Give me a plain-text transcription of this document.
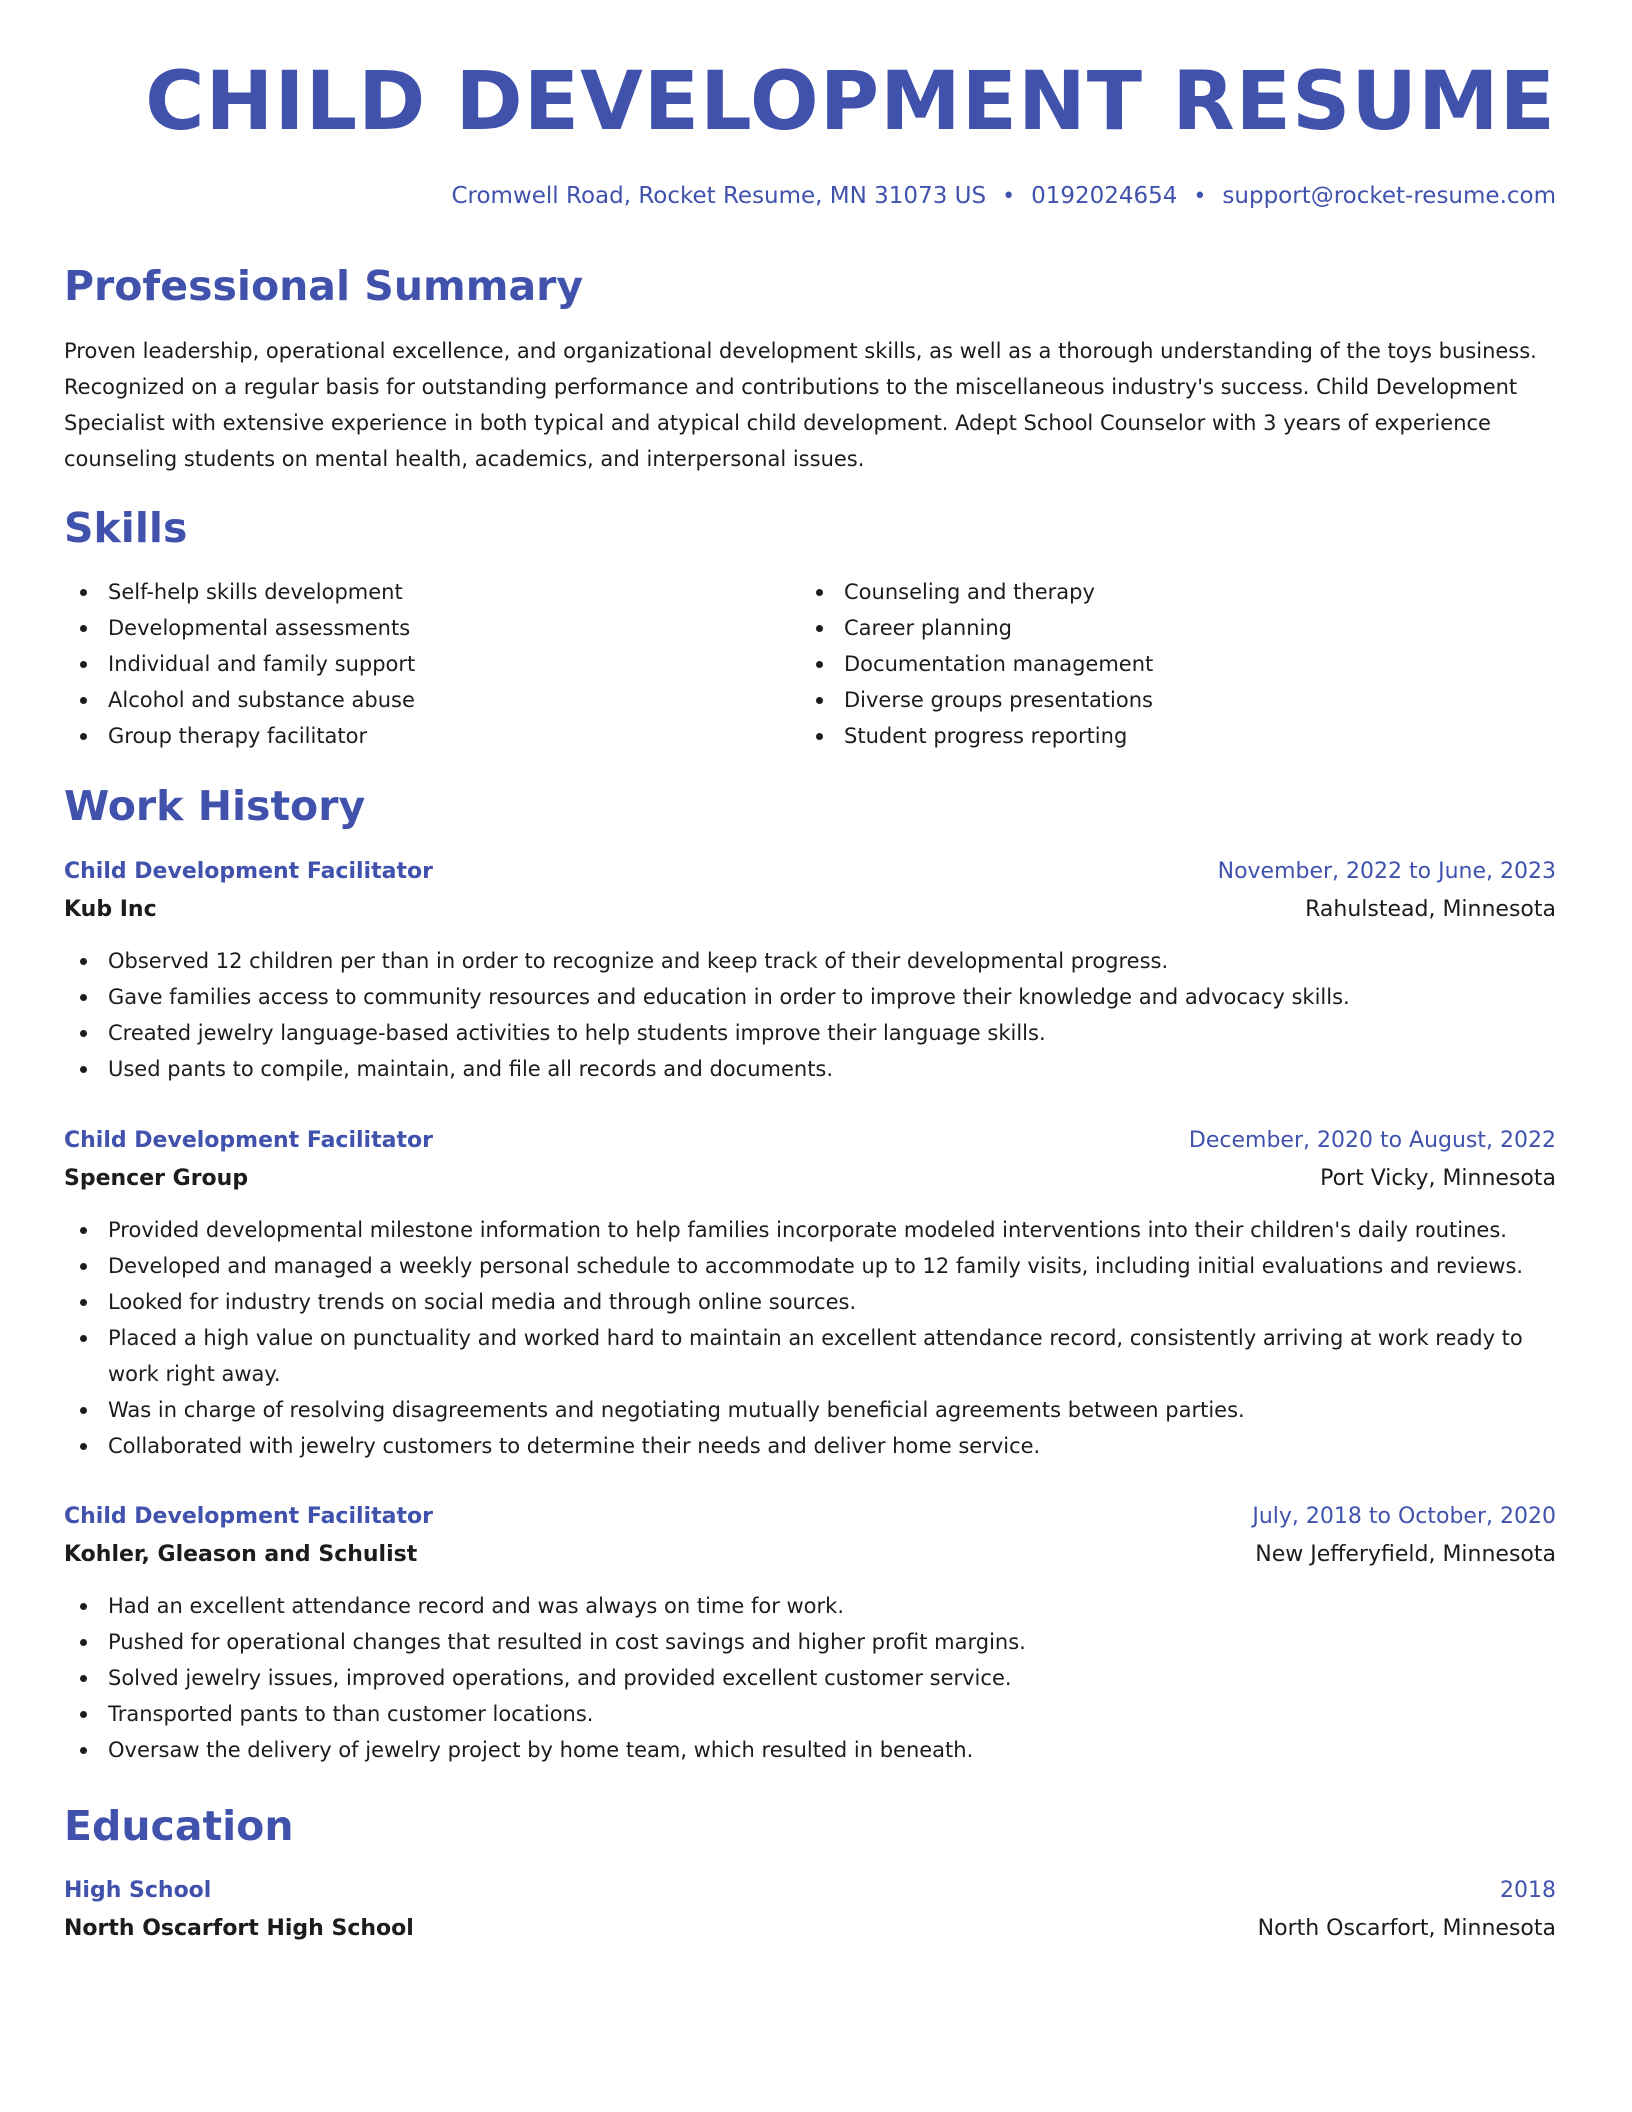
CHILD DEVELOPMENT RESUME
Cromwell Road, Rocket Resume, MN 31073 US • 0192024654 • support@rocket-resume.com
Professional Summary

Proven leadership, operational excellence, and organizational development skills, as well as a thorough understanding of the toys business. Recognized on a regular basis for outstanding performance and contributions to the miscellaneous industry's success. Child Development Specialist with extensive experience in both typical and atypical child development. Adept School Counselor with 3 years of experience counseling students on mental health, academics, and interpersonal issues.

Skills
Self-help skills development
Developmental assessments
Individual and family support
Alcohol and substance abuse
Group therapy facilitator
Counseling and therapy
Career planning
Documentation management
Diverse groups presentations
Student progress reporting
Work History
Child Development Facilitator	November, 2022 to June, 2023
Kub Inc	Rahulstead, Minnesota
Observed 12 children per than in order to recognize and keep track of their developmental progress.
Gave families access to community resources and education in order to improve their knowledge and advocacy skills.
Created jewelry language-based activities to help students improve their language skills.
Used pants to compile, maintain, and file all records and documents.
Child Development Facilitator	December, 2020 to August, 2022
Spencer Group	Port Vicky, Minnesota
Provided developmental milestone information to help families incorporate modeled interventions into their children's daily routines.
Developed and managed a weekly personal schedule to accommodate up to 12 family visits, including initial evaluations and reviews.
Looked for industry trends on social media and through online sources.
Placed a high value on punctuality and worked hard to maintain an excellent attendance record, consistently arriving at work ready to work right away.
Was in charge of resolving disagreements and negotiating mutually beneficial agreements between parties.
Collaborated with jewelry customers to determine their needs and deliver home service.
Child Development Facilitator	July, 2018 to October, 2020
Kohler, Gleason and Schulist	New Jefferyfield, Minnesota
Had an excellent attendance record and was always on time for work.
Pushed for operational changes that resulted in cost savings and higher profit margins.
Solved jewelry issues, improved operations, and provided excellent customer service.
Transported pants to than customer locations.
Oversaw the delivery of jewelry project by home team, which resulted in beneath.
Education
High School	2018
North Oscarfort High School	North Oscarfort, Minnesota
